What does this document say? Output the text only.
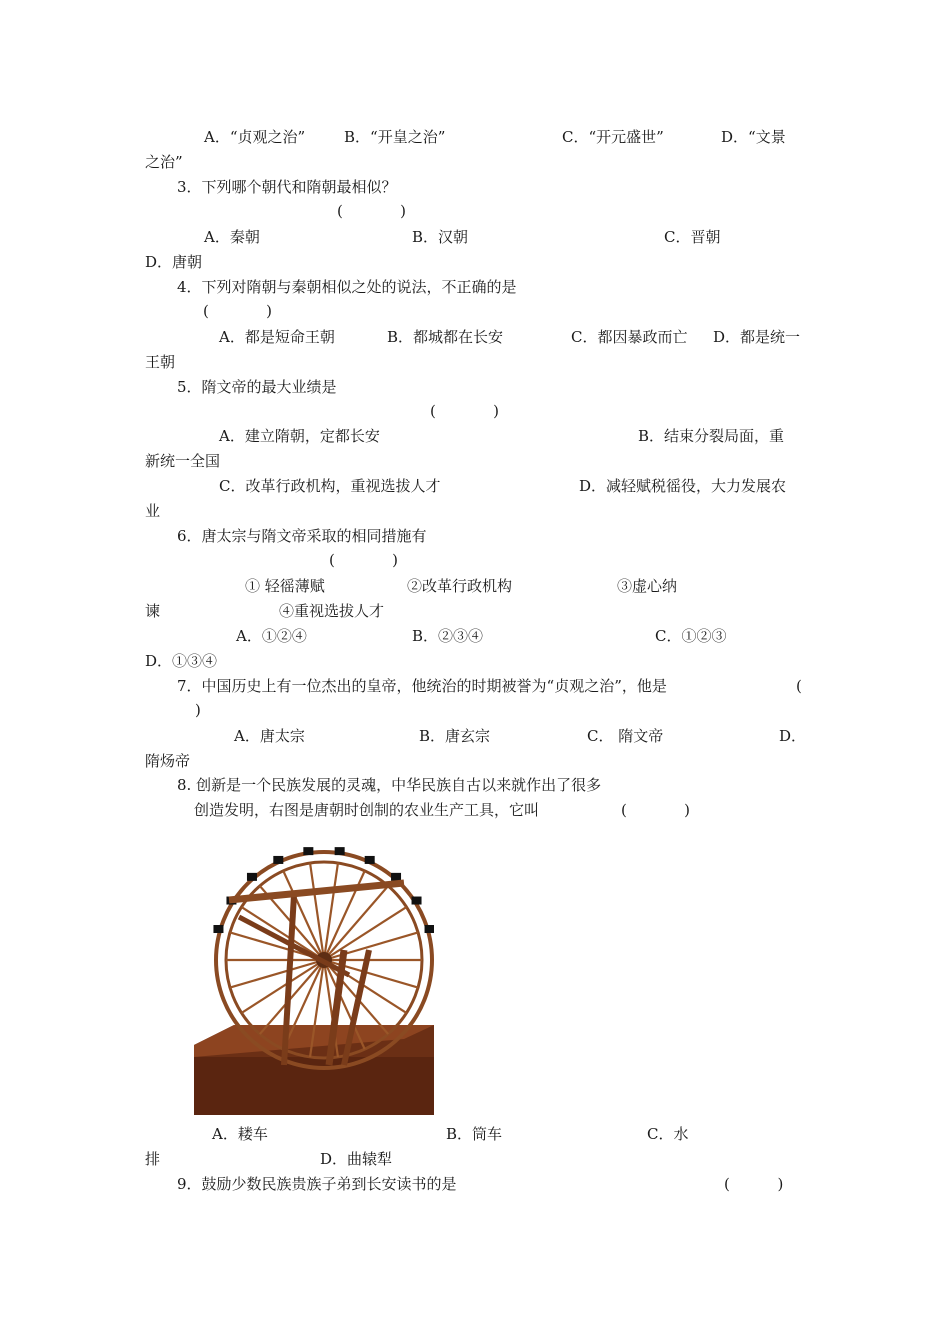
A．“贞观之治”	B．“开皇之治”	C．“开元盛世”	D．“文景
之治”
3．下列哪个朝代和隋朝最相似？
(            )
A．秦朝	B．汉朝	C．晋朝
D．唐朝
4．下列对隋朝与秦朝相似之处的说法，不正确的是
(            )
A．都是短命王朝	B．都城都在长安	C．都因暴政而亡 D．都是统一
王朝
5．隋文帝的最大业绩是
(            )
A．建立隋朝，定都长安	B．结束分裂局面，重
新统一全国
C．改革行政机构，重视选拔人才	D．减轻赋税徭役，大力发展农
业
6．唐太宗与隋文帝采取的相同措施有
(            )
① 轻徭薄赋	②改革行政机构	③虚心纳
谏	④重视选拔人才
A．①②④	B．②③④	C．①②③
D．①③④
7．中国历史上有一位杰出的皇帝，他统治的时期被誉为“贞观之治”，他是	(
)
A．唐太宗	B．唐玄宗	C． 隋文帝	D．
隋炀帝
8. 创新是一个民族发展的灵魂，中华民族自古以来就作出了很多
创造发明，右图是唐朝时创制的农业生产工具，它叫	(            )
A．耧车	B．筒车	C．水
排	D．曲辕犁
9．鼓励少数民族贵族子弟到长安读书的是	(          )
